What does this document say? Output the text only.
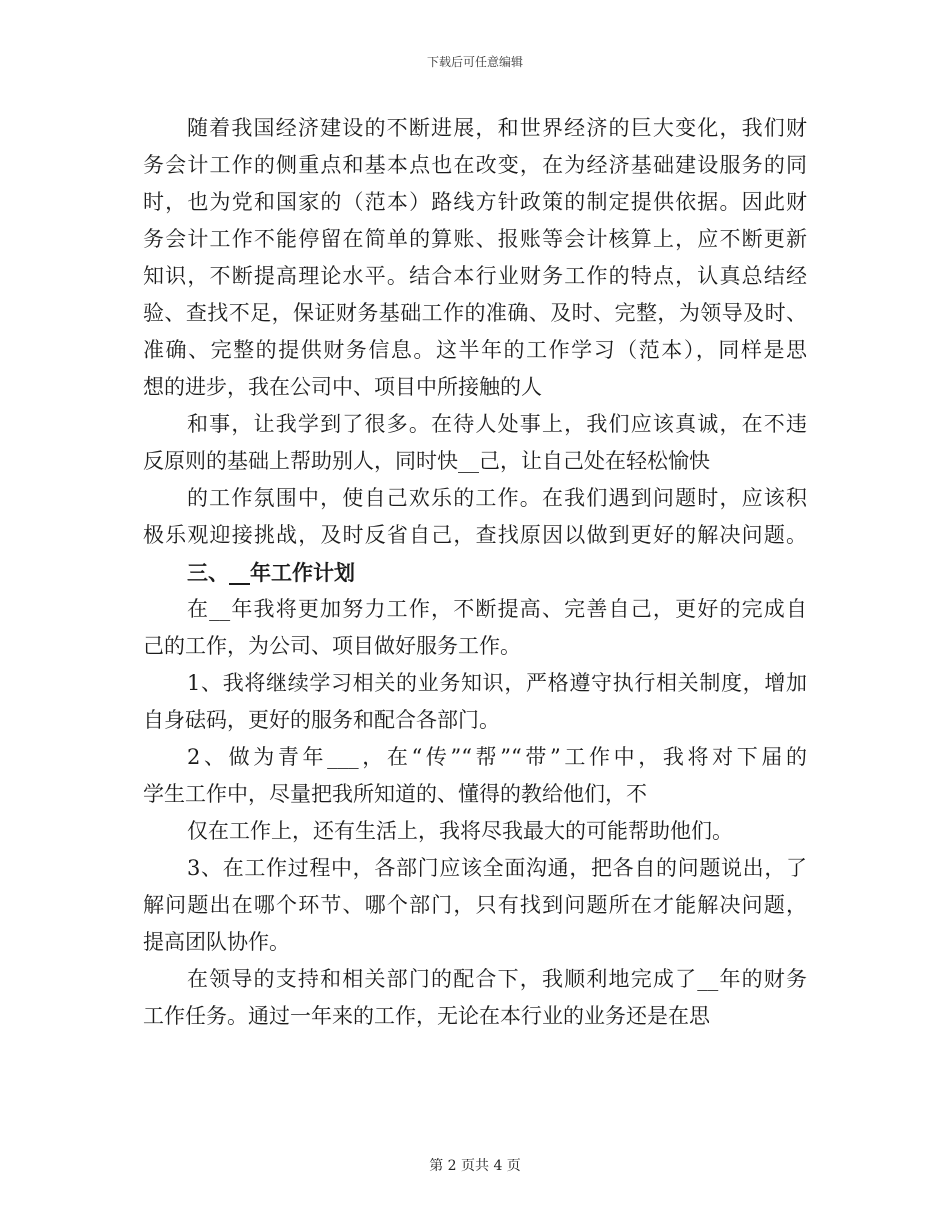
下载后可任意编辑
随着我国经济建设的不断进展，和世界经济的巨大变化，我们财
务会计工作的侧重点和基本点也在改变，在为经济基础建设服务的同
时，也为党和国家的（范本）路线方针政策的制定提供依据。因此财
务会计工作不能停留在简单的算账、报账等会计核算上，应不断更新
知识，不断提高理论水平。结合本行业财务工作的特点，认真总结经
验、查找不足，保证财务基础工作的准确、及时、完整，为领导及时、
准确、完整的提供财务信息。这半年的工作学习（范本），同样是思
想的进步，我在公司中、项目中所接触的人
和事，让我学到了很多。在待人处事上，我们应该真诚，在不违
反原则的基础上帮助别人，同时快__己，让自己处在轻松愉快
的工作氛围中，使自己欢乐的工作。在我们遇到问题时，应该积
极乐观迎接挑战，及时反省自己，查找原因以做到更好的解决问题。
三、__年工作计划
在__年我将更加努力工作，不断提高、完善自己，更好的完成自
己的工作，为公司、项目做好服务工作。
1、我将继续学习相关的业务知识，严格遵守执行相关制度，增加
自身砝码，更好的服务和配合各部门。
2、做为青年___，在“传”“帮”“带”工作中，我将对下届的
学生工作中，尽量把我所知道的、懂得的教给他们，不
仅在工作上，还有生活上，我将尽我最大的可能帮助他们。
3、在工作过程中，各部门应该全面沟通，把各自的问题说出，了
解问题出在哪个环节、哪个部门，只有找到问题所在才能解决问题，
提高团队协作。
在领导的支持和相关部门的配合下，我顺利地完成了__年的财务
工作任务。通过一年来的工作，无论在本行业的业务还是在思
第 2 页共 4 页
